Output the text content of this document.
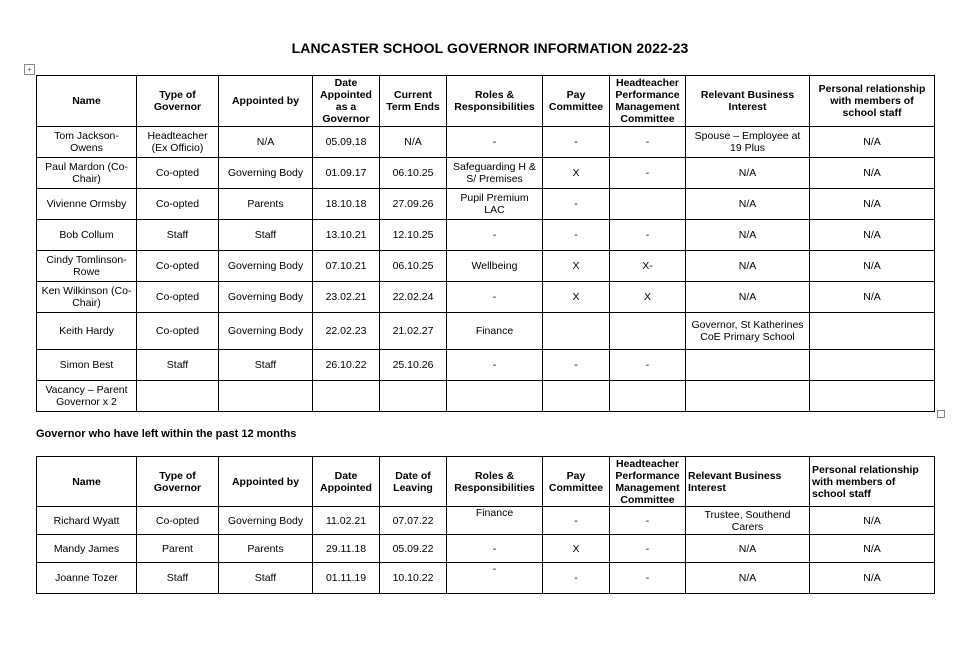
LANCASTER SCHOOL GOVERNOR INFORMATION 2022-23
+
Name	Type of Governor	Appointed by	Date Appointed as a Governor	Current Term Ends	Roles & Responsibilities	Pay Committee	Headteacher Performance Management Committee	Relevant Business Interest	Personal relationship with members of school staff
Tom Jackson-Owens	Headteacher (Ex Officio)	N/A	05.09.18	N/A	-	-	-	Spouse – Employee at 19 Plus	N/A
Paul Mardon (Co-Chair)	Co-opted	Governing Body	01.09.17	06.10.25	Safeguarding H & S/ Premises	X	-	N/A	N/A
Vivienne Ormsby	Co-opted	Parents	18.10.18	27.09.26	Pupil Premium LAC	-		N/A	N/A
Bob Collum	Staff	Staff	13.10.21	12.10.25	-	-	-	N/A	N/A
Cindy Tomlinson-Rowe	Co-opted	Governing Body	07.10.21	06.10.25	Wellbeing	X	X-	N/A	N/A
Ken Wilkinson (Co-Chair)	Co-opted	Governing Body	23.02.21	22.02.24	-	X	X	N/A	N/A
Keith Hardy	Co-opted	Governing Body	22.02.23	21.02.27	Finance			Governor, St Katherines CoE Primary School	
Simon Best	Staff	Staff	26.10.22	25.10.26	-	-	-		
Vacancy – Parent Governor x 2									
Governor who have left within the past 12 months
Name	Type of Governor	Appointed by	Date Appointed	Date of Leaving	Roles & Responsibilities	Pay Committee	Headteacher Performance Management Committee	Relevant Business Interest	Personal relationship with members of school staff
Richard Wyatt	Co-opted	Governing Body	11.02.21	07.07.22	Finance	-	-	Trustee, Southend Carers	N/A
Mandy James	Parent	Parents	29.11.18	05.09.22	-	X	-	N/A	N/A
Joanne Tozer	Staff	Staff	01.11.19	10.10.22	-	-	-	N/A	N/A
